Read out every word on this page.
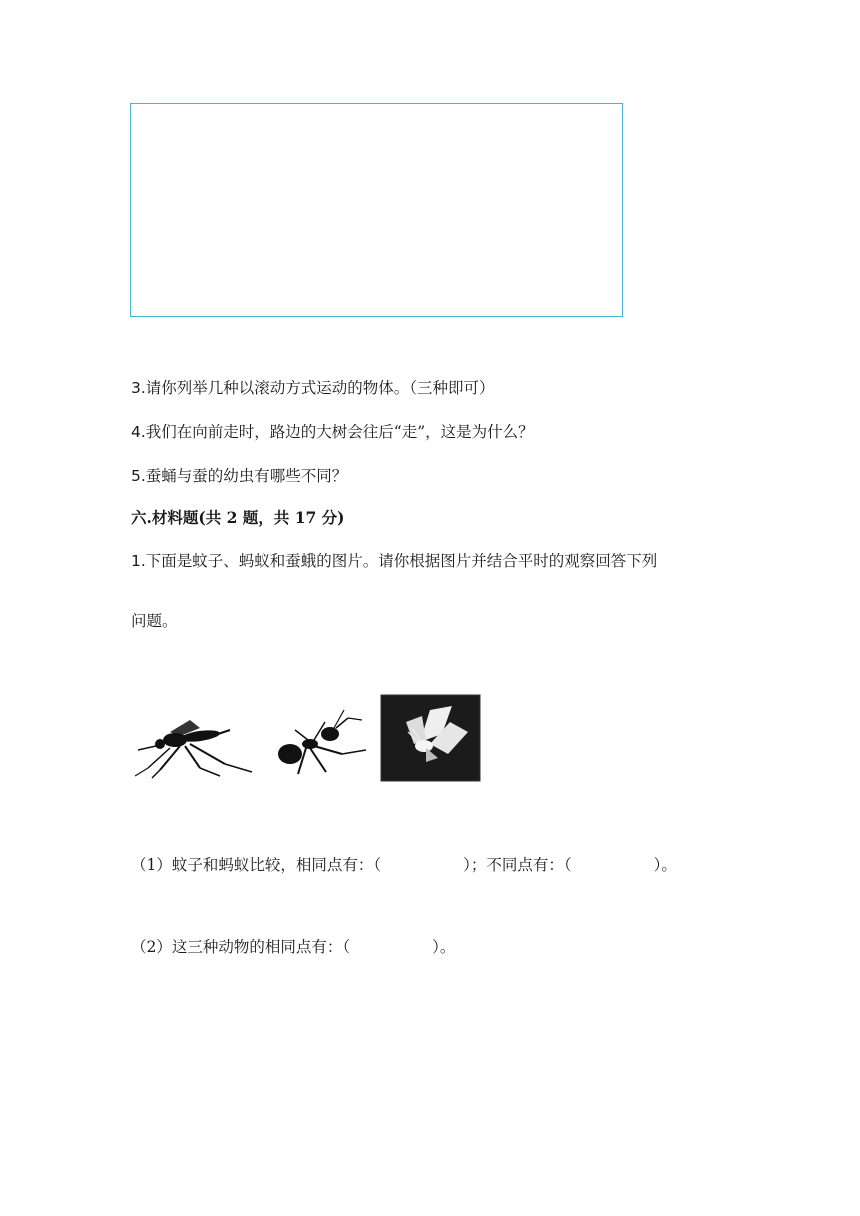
3.请你列举几种以滚动方式运动的物体。（三种即可）
4.我们在向前走时，路边的大树会往后“走”，这是为什么？
5.蚕蛹与蚕的幼虫有哪些不同？
六.材料题(共 2 题，共 17 分)
1.下面是蚊子、蚂蚁和蚕蛾的图片。请你根据图片并结合平时的观察回答下列
问题。
（1）蚊子和蚂蚁比较，相同点有：（	）；不同点有：（	）。
（2）这三种动物的相同点有：（	）。
